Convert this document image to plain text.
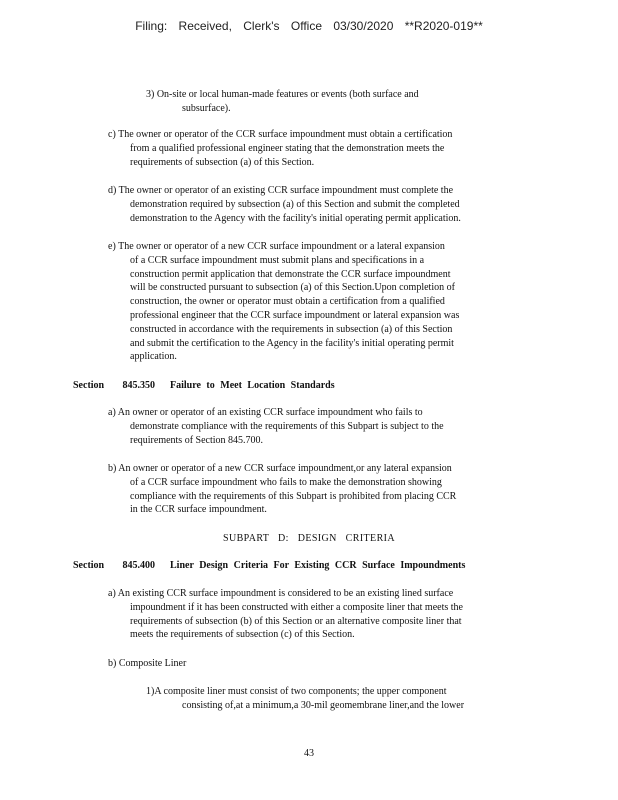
Filing: Received, Clerk's Office 03/30/2020 **R2020-019**
3) On-site or local human-made features or events (both surface and
subsurface).
c) The owner or operator of the CCR surface impoundment must obtain a certification
from a qualified professional engineer stating that the demonstration meets the
requirements of subsection (a) of this Section.
d) The owner or operator of an existing CCR surface impoundment must complete the
demonstration required by subsection (a) of this Section and submit the completed
demonstration to the Agency with the facility's initial operating permit application.
e) The owner or operator of a new CCR surface impoundment or a lateral expansion
of a CCR surface impoundment must submit plans and specifications in a
construction permit application that demonstrate the CCR surface impoundment
will be constructed pursuant to subsection (a) of this Section.Upon completion of
construction, the owner or operator must obtain a certification from a qualified
professional engineer that the CCR surface impoundment or lateral expansion was
constructed in accordance with the requirements in subsection (a) of this Section
and submit the certification to the Agency in the facility's initial operating permit
application.
Section 845.350 Failure to Meet Location Standards
a) An owner or operator of an existing CCR surface impoundment who fails to
demonstrate compliance with the requirements of this Subpart is subject to the
requirements of Section 845.700.
b) An owner or operator of a new CCR surface impoundment,or any lateral expansion
of a CCR surface impoundment who fails to make the demonstration showing
compliance with the requirements of this Subpart is prohibited from placing CCR
in the CCR surface impoundment.
SUBPART D: DESIGN CRITERIA
Section 845.400 Liner Design Criteria For Existing CCR Surface Impoundments
a) An existing CCR surface impoundment is considered to be an existing lined surface
impoundment if it has been constructed with either a composite liner that meets the
requirements of subsection (b) of this Section or an alternative composite liner that
meets the requirements of subsection (c) of this Section.
b) Composite Liner
1)A composite liner must consist of two components; the upper component
consisting of,at a minimum,a 30-mil geomembrane liner,and the lower
43
